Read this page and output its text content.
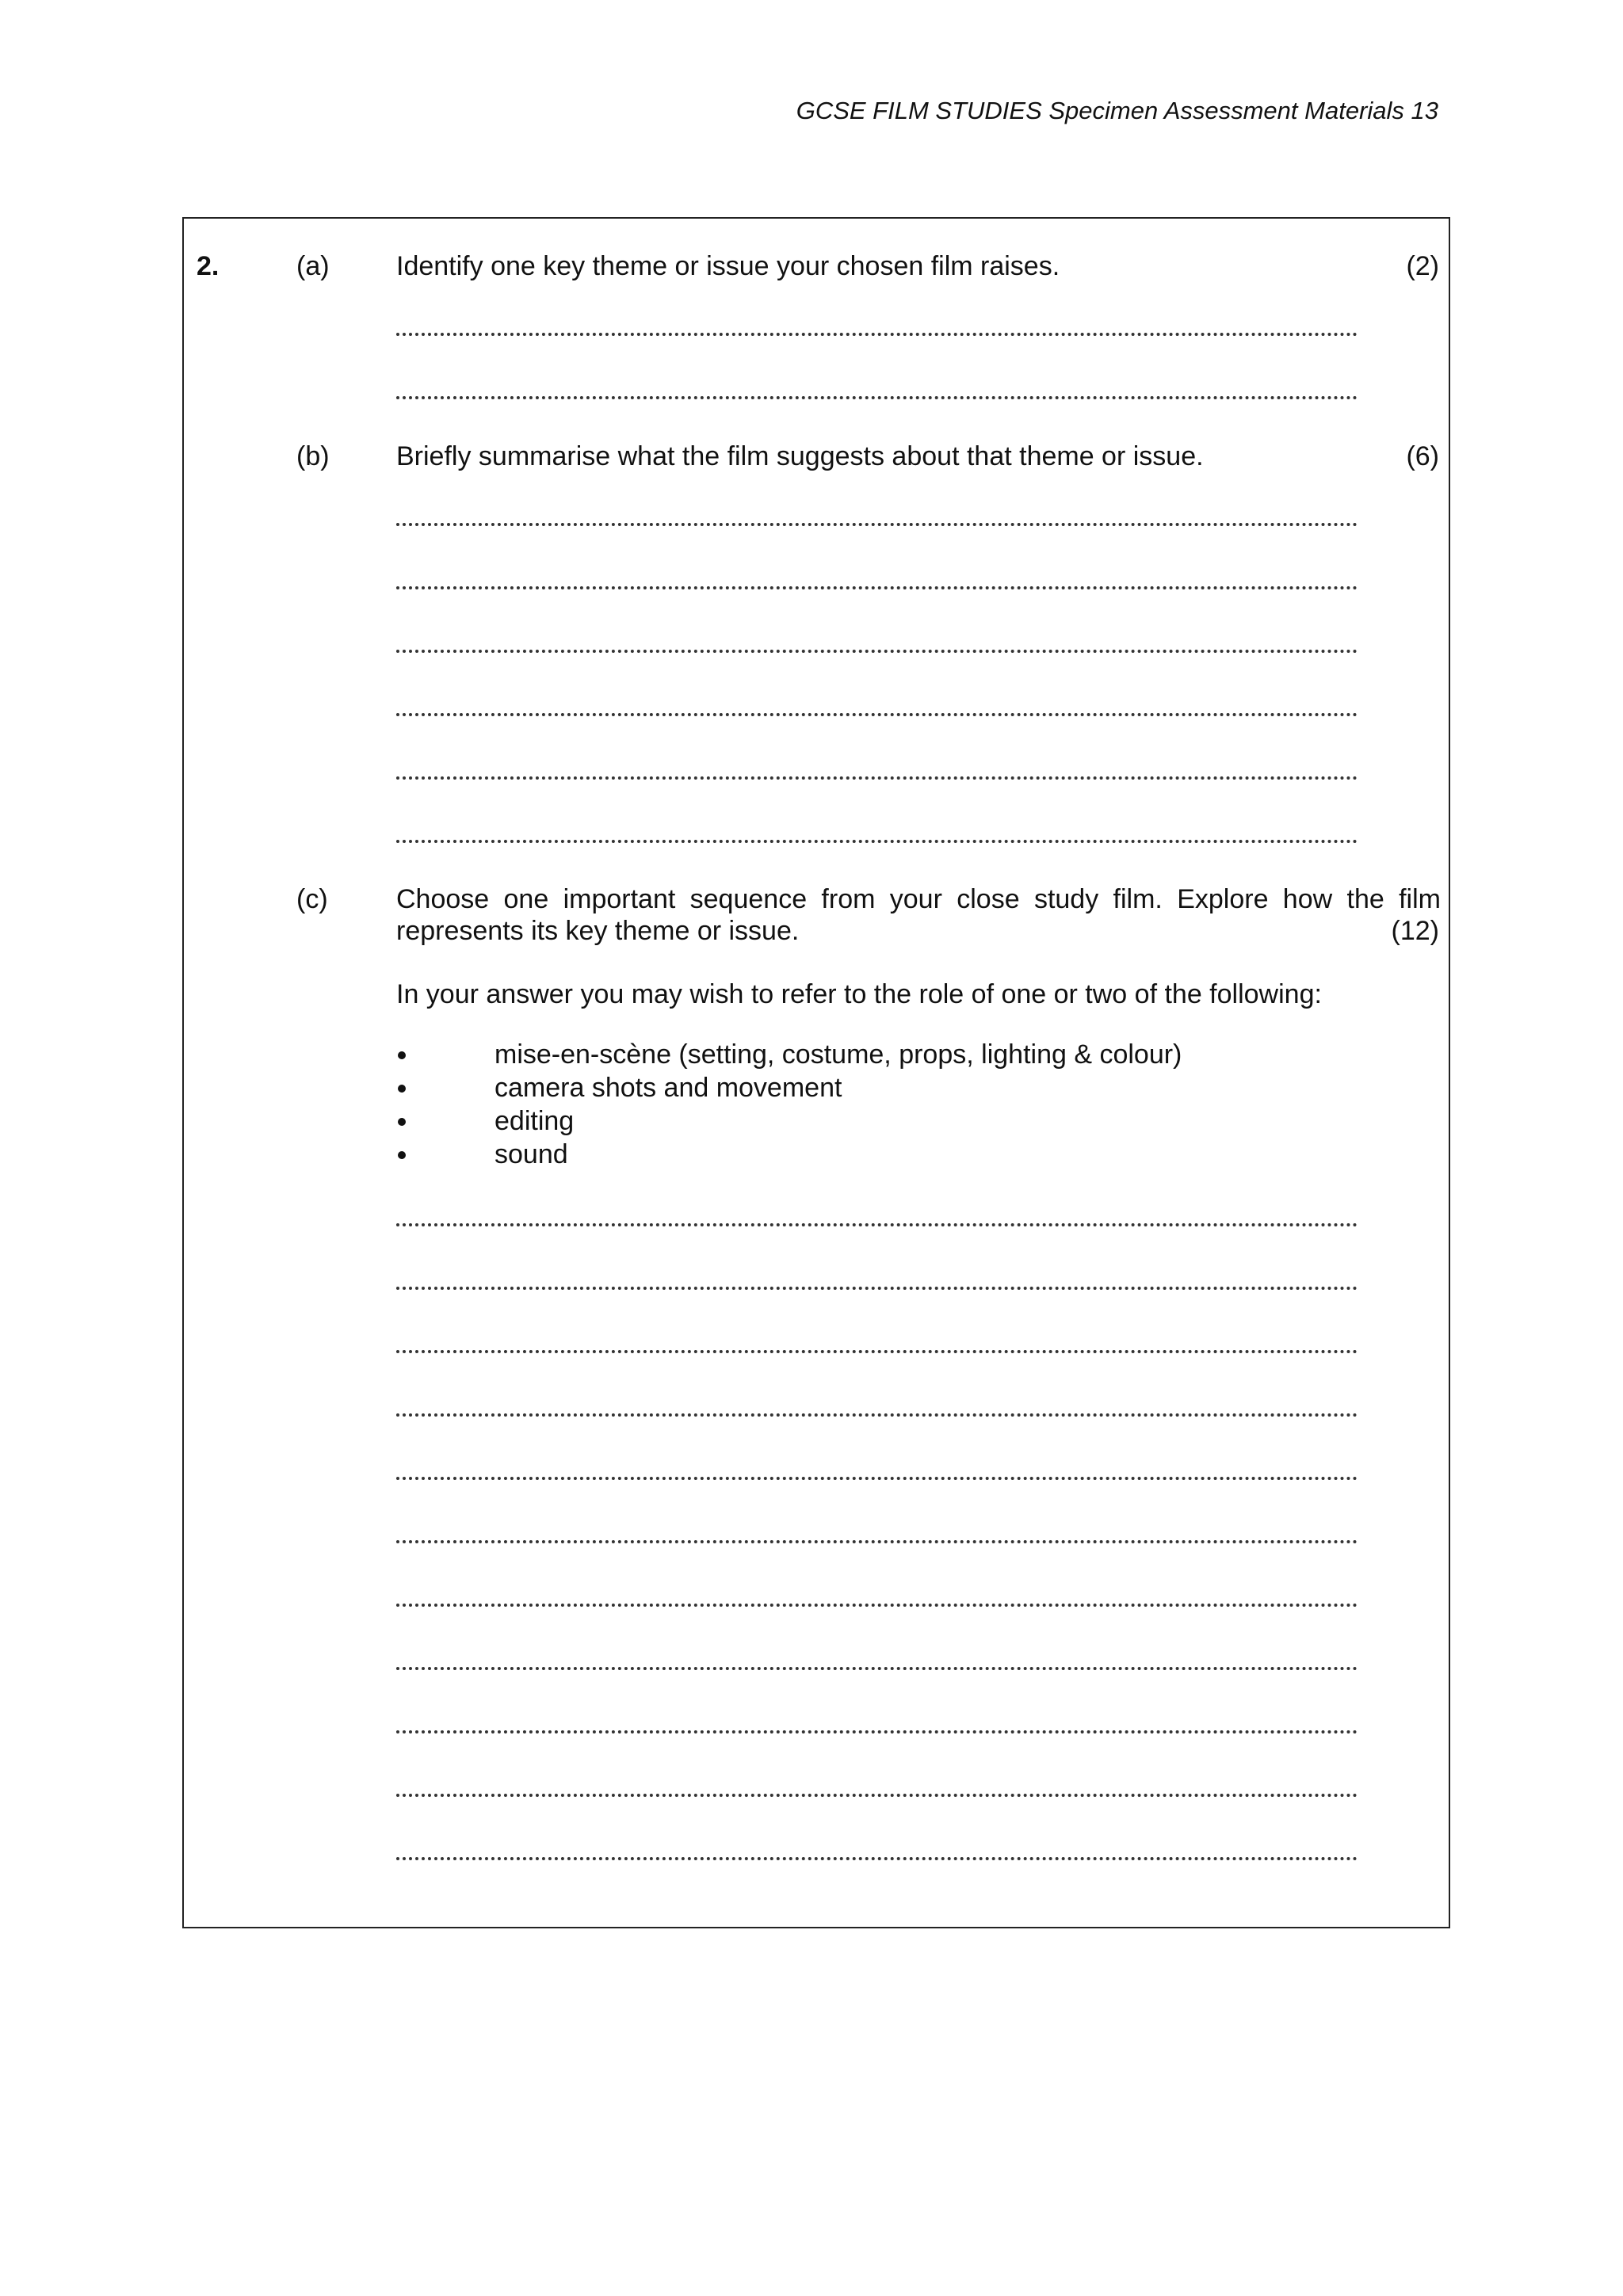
GCSE FILM STUDIES Specimen Assessment Materials 13
2.	(a) Identify one key theme or issue your chosen film raises.	(2)
(b) Briefly summarise what the film suggests about that theme or issue.	(6)
(c)	Choose one important sequence from your close study film. Explore how the film
represents its key theme or issue.	(12)
In your answer you may wish to refer to the role of one or two of the following:
mise-en-scène (setting, costume, props, lighting & colour)
camera shots and movement
editing
sound
